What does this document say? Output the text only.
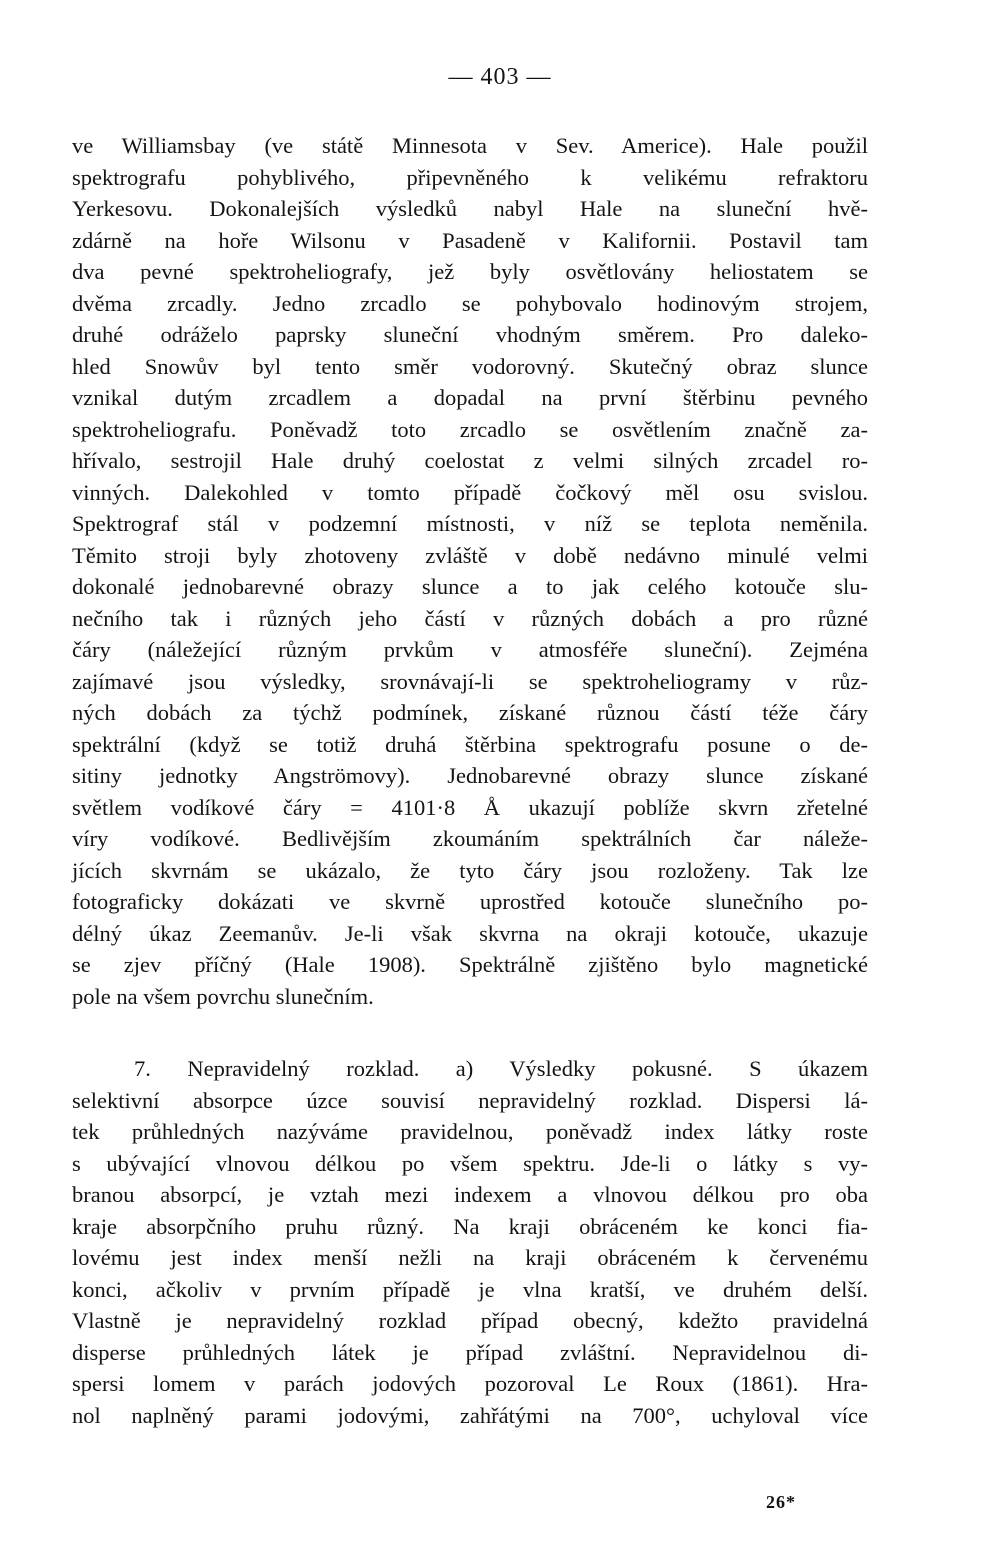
— 403 —
ve Williamsbay (ve státě Minnesota v Sev. Americe). Hale použil
spektrografu pohyblivého, připevněného k velikému refraktoru
Yerkesovu. Dokonalejších výsledků nabyl Hale na sluneční hvě-
zdárně na hoře Wilsonu v Pasadeně v Kalifornii. Postavil tam
dva pevné spektroheliografy, jež byly osvětlovány heliostatem se
dvěma zrcadly. Jedno zrcadlo se pohybovalo hodinovým strojem,
druhé odráželo paprsky sluneční vhodným směrem. Pro daleko-
hled Snowův byl tento směr vodorovný. Skutečný obraz slunce
vznikal dutým zrcadlem a dopadal na první štěrbinu pevného
spektroheliografu. Poněvadž toto zrcadlo se osvětlením značně za-
hřívalo, sestrojil Hale druhý coelostat z velmi silných zrcadel ro-
vinných. Dalekohled v tomto případě čočkový měl osu svislou.
Spektrograf stál v podzemní místnosti, v níž se teplota neměnila.
Těmito stroji byly zhotoveny zvláště v době nedávno minulé velmi
dokonalé jednobarevné obrazy slunce a to jak celého kotouče slu-
nečního tak i různých jeho částí v různých dobách a pro různé
čáry (náležející různým prvkům v atmosféře sluneční). Zejména
zajímavé jsou výsledky, srovnávají-li se spektroheliogramy v růz-
ných dobách za týchž podmínek, získané různou částí téže čáry
spektrální (když se totiž druhá štěrbina spektrografu posune o de-
sitiny jednotky Angströmovy). Jednobarevné obrazy slunce získané
světlem vodíkové čáry = 4101·8 Å ukazují poblíže skvrn zřetelné
víry vodíkové. Bedlivějším zkoumáním spektrálních čar náleže-
jících skvrnám se ukázalo, že tyto čáry jsou rozloženy. Tak lze
fotograficky dokázati ve skvrně uprostřed kotouče slunečního po-
délný úkaz Zeemanův. Je-li však skvrna na okraji kotouče, ukazuje
se zjev příčný (Hale 1908). Spektrálně zjištěno bylo magnetické
pole na všem povrchu slunečním.
7. Nepravidelný rozklad. a) Výsledky pokusné. S úkazem
selektivní absorpce úzce souvisí nepravidelný rozklad. Dispersi lá-
tek průhledných nazýváme pravidelnou, poněvadž index látky roste
s ubývající vlnovou délkou po všem spektru. Jde-li o látky s vy-
branou absorpcí, je vztah mezi indexem a vlnovou délkou pro oba
kraje absorpčního pruhu různý. Na kraji obráceném ke konci fia-
lovému jest index menší nežli na kraji obráceném k červenému
konci, ačkoliv v prvním případě je vlna kratší, ve druhém delší.
Vlastně je nepravidelný rozklad případ obecný, kdežto pravidelná
disperse průhledných látek je případ zvláštní. Nepravidelnou di-
spersi lomem v parách jodových pozoroval Le Roux (1861). Hra-
nol naplněný parami jodovými, zahřátými na 700°, uchyloval více
26*
